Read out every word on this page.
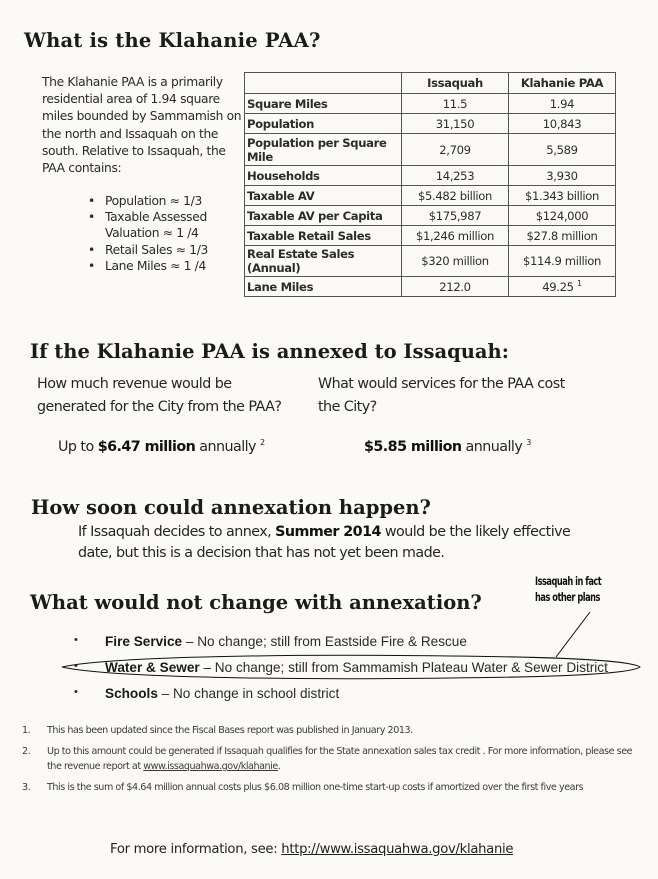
What is the Klahanie PAA?
The Klahanie PAA is a primarily residential area of 1.94 square miles bounded by Sammamish on the north and Issaquah on the south. Relative to Issaquah, the PAA contains:
• Population ≈ 1/3
• Taxable Assessed Valuation ≈ 1 /4
• Retail Sales ≈ 1/3
• Lane Miles ≈ 1 /4
	Issaquah	Klahanie PAA
Square Miles	11.5	1.94
Population	31,150	10,843
Population per Square Mile	2,709	5,589
Households	14,253	3,930
Taxable AV	$5.482 billion	$1.343 billion
Taxable AV per Capita	$175,987	$124,000
Taxable Retail Sales	$1,246 million	$27.8 million
Real Estate Sales (Annual)	$320 million	$114.9 million
Lane Miles	212.0	49.25 $^1$
If the Klahanie PAA is annexed to Issaquah:
How much revenue would be generated for the City from the PAA?
What would services for the PAA cost the City?
Up to $6.47 million annually $^2$	$5.85 million annually $^3$
How soon could annexation happen?
If Issaquah decides to annex, Summer 2014 would be the likely effective date, but this is a decision that has not yet been made.
What would not change with annexation?
Issaquah in fact has other plans
• Fire Service – No change; still from Eastside Fire & Rescue
• Water & Sewer – No change; still from Sammamish Plateau Water & Sewer District
• Schools – No change in school district
1. This has been updated since the Fiscal Bases report was published in January 2013.
2. Up to this amount could be generated if Issaquah qualifies for the State annexation sales tax credit . For more information, please see the revenue report at www.issaquahwa.gov/klahanie.
3. This is the sum of $4.64 million annual costs plus $6.08 million one-time start-up costs if amortized over the first five years
For more information, see: http://www.issaquahwa.gov/klahanie
